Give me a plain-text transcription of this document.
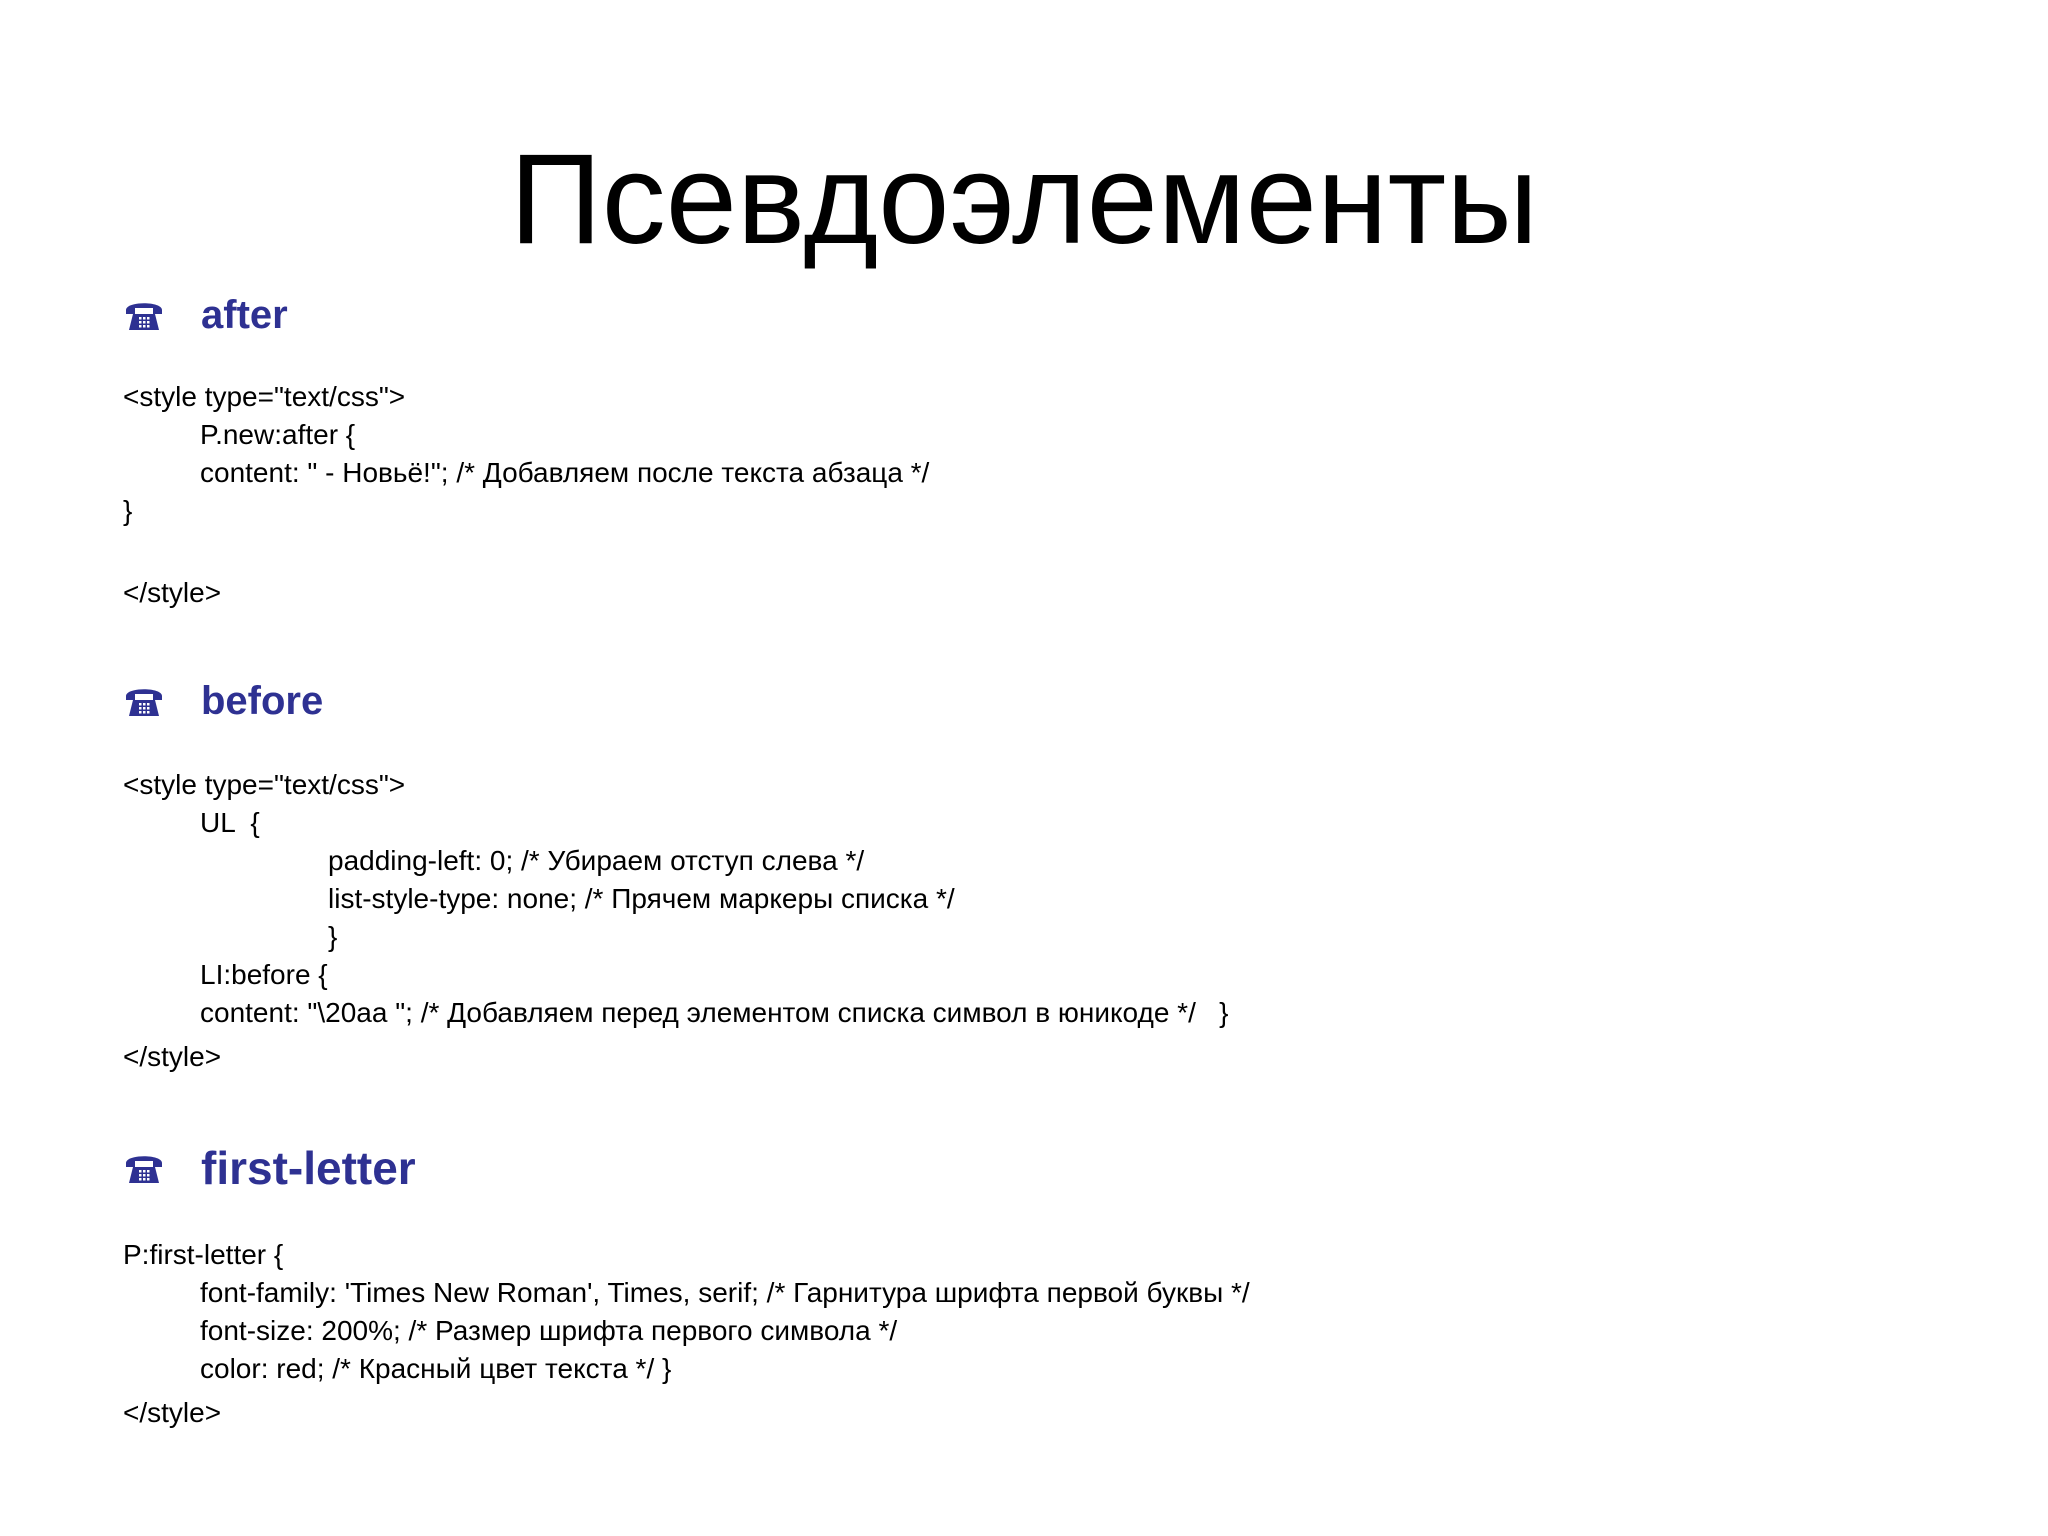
Псевдоэлементы
after
<style type="text/css">
P.new:after {
content: " - Новьё!"; /* Добавляем после текста абзаца */
}
</style>
before
<style type="text/css">
UL  {
padding-left: 0; /* Убираем отступ слева */
list-style-type: none; /* Прячем маркеры списка */
}
LI:before {
content: "\20aa "; /* Добавляем перед элементом списка символ в юникоде */   }
</style>
first-letter
P:first-letter {
font-family: 'Times New Roman', Times, serif; /* Гарнитура шрифта первой буквы */
font-size: 200%; /* Размер шрифта первого символа */
color: red; /* Красный цвет текста */ }
</style>
